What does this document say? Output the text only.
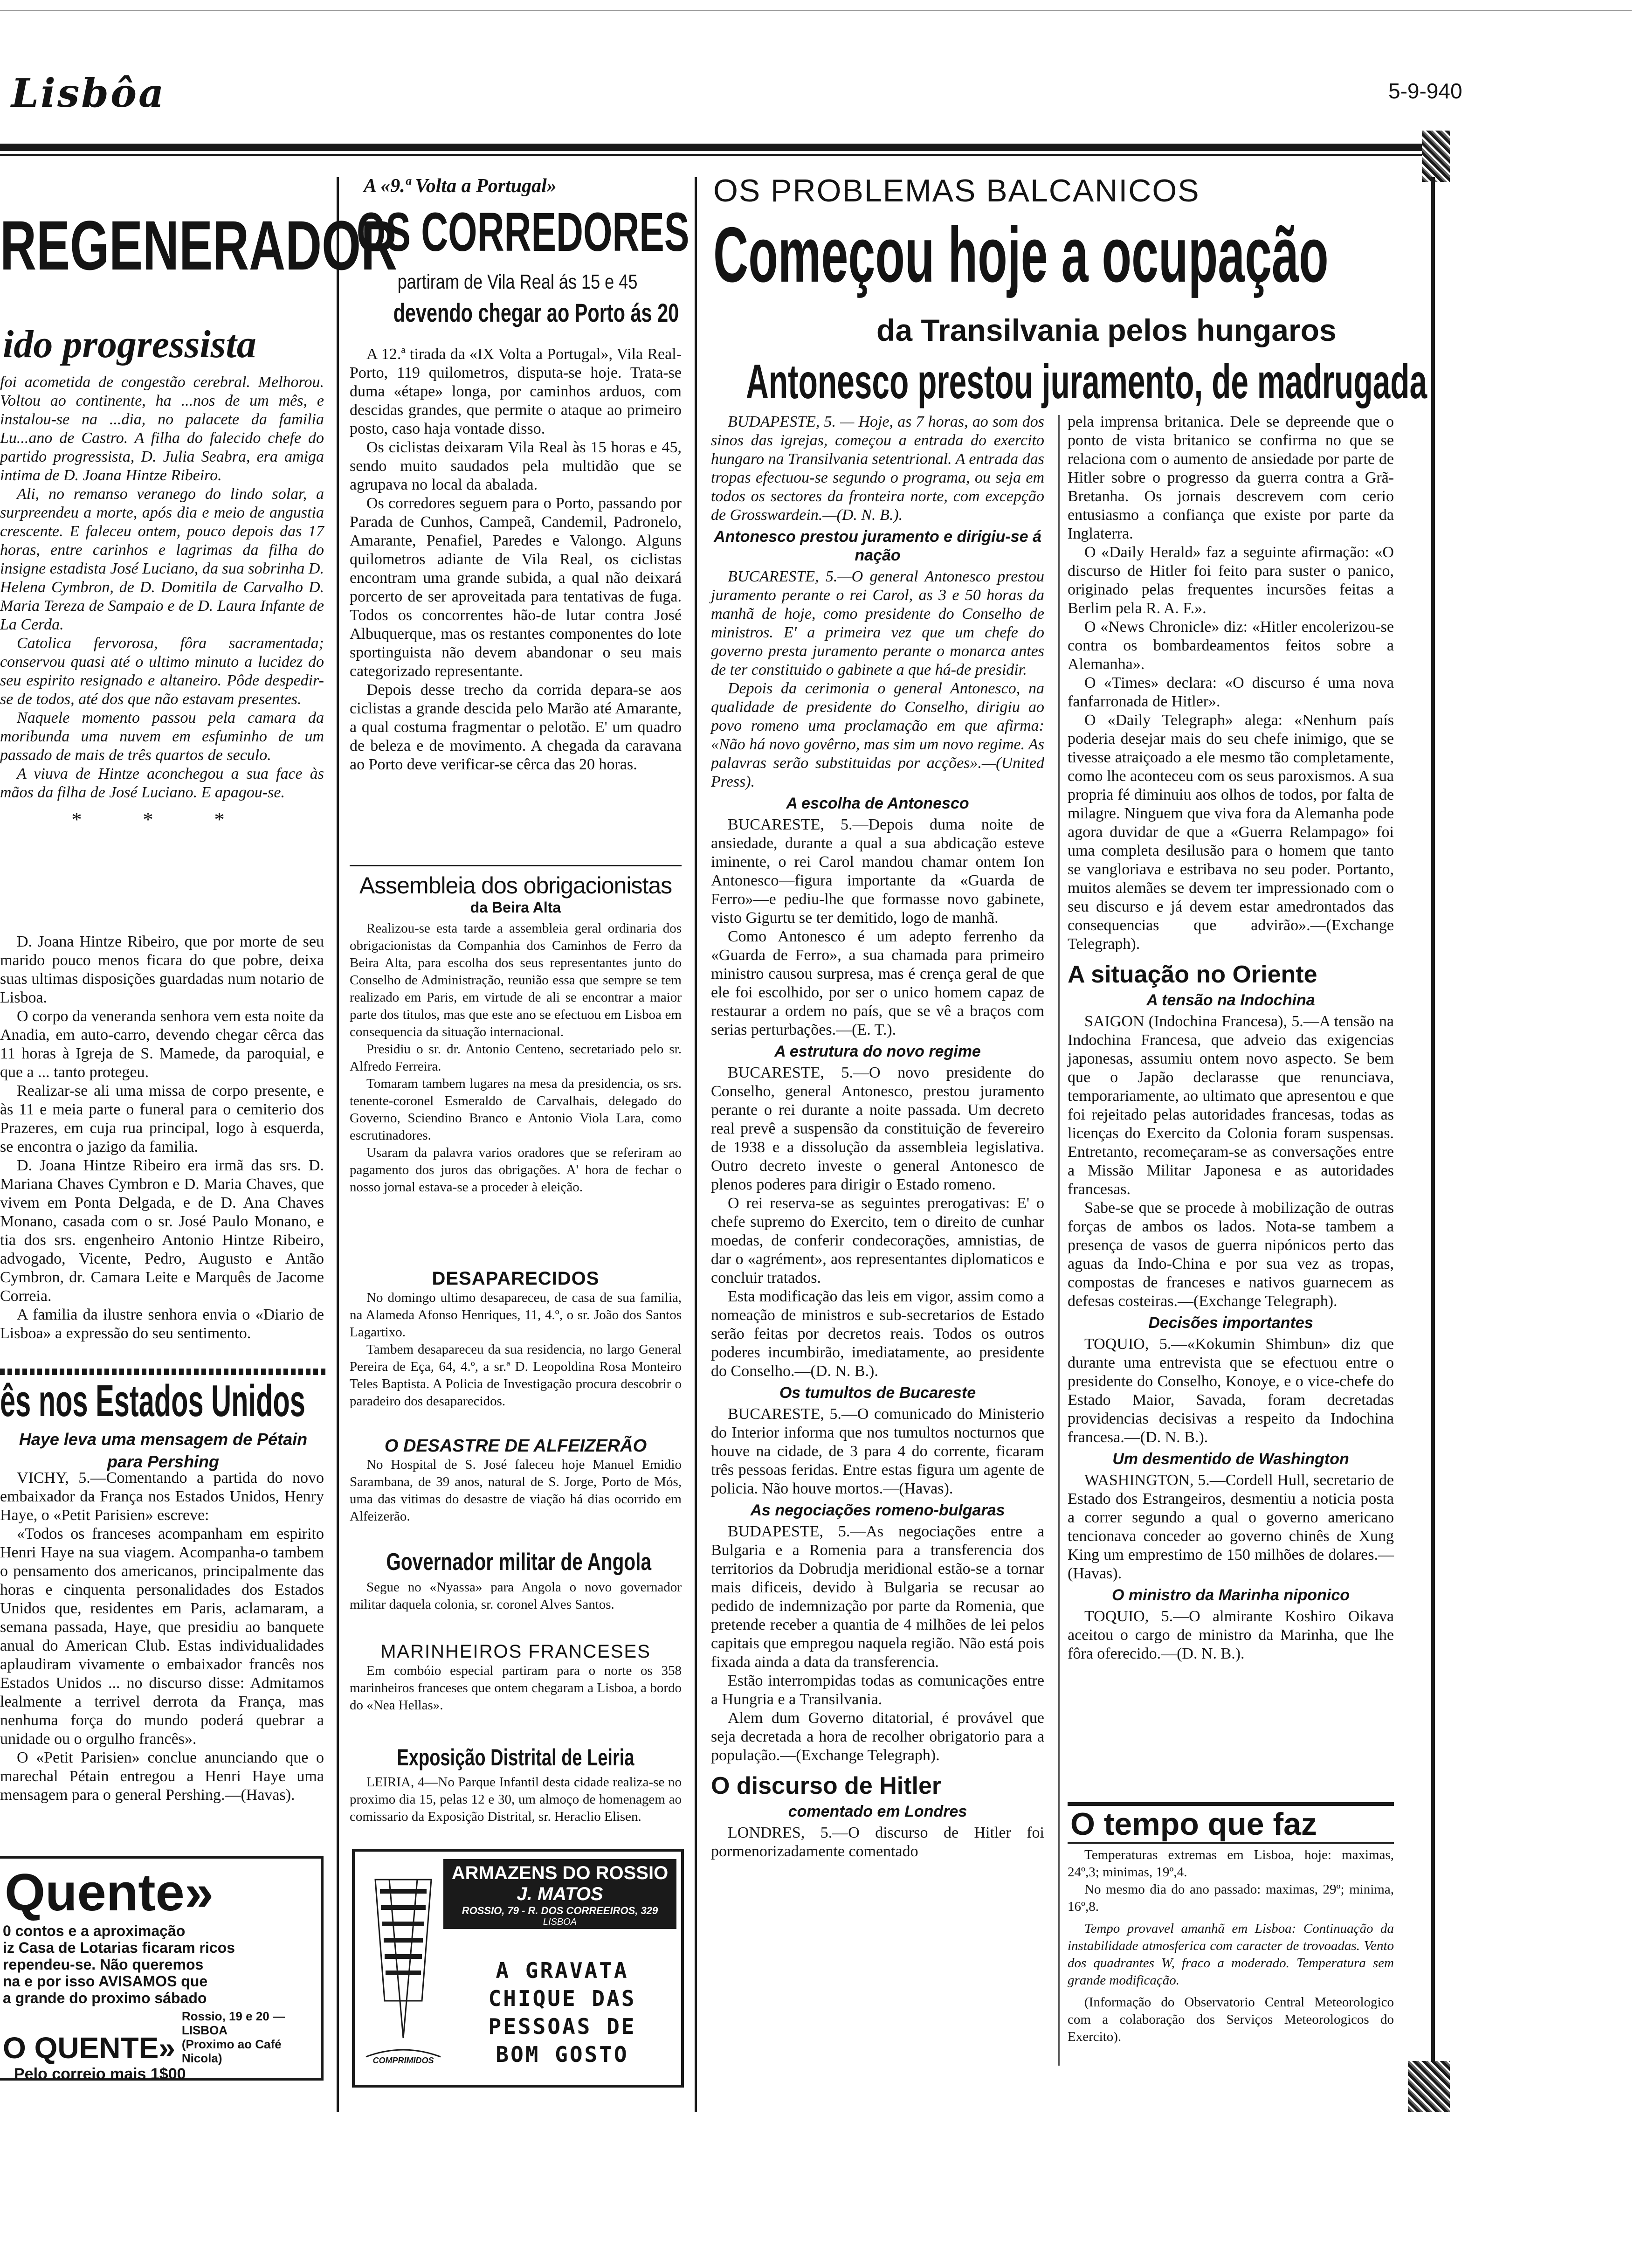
Lisbôa	5-9-940
REGENERADOR
ido progressista

foi acometida de congestão cerebral. Melhorou. Voltou ao continente, ha ...nos de um mês, e instalou-se na ...dia, no palacete da familia Lu...ano de Castro. A filha do falecido chefe do partido progressista, D. Julia Seabra, era amiga intima de D. Joana Hintze Ribeiro.

Ali, no remanso veranego do lindo solar, a surpreendeu a morte, após dia e meio de angustia crescente. E faleceu ontem, pouco depois das 17 horas, entre carinhos e lagrimas da filha do insigne estadista José Luciano, da sua sobrinha D. Helena Cymbron, de D. Domitila de Carvalho D. Maria Tereza de Sampaio e de D. Laura Infante de La Cerda.

Catolica fervorosa, fôra sacramentada; conservou quasi até o ultimo minuto a lucidez do seu espirito resignado e altaneiro. Pôde despedir-se de todos, até dos que não estavam presentes.

Naquele momento passou pela camara da moribunda uma nuvem em esfuminho de um passado de mais de três quartos de seculo.

A viuva de Hintze aconchegou a sua face às mãos da filha de José Luciano. E apagou-se.

* * *

D. Joana Hintze Ribeiro, que por morte de seu marido pouco menos ficara do que pobre, deixa suas ultimas disposições guardadas num notario de Lisboa.

O corpo da veneranda senhora vem esta noite da Anadia, em auto-carro, devendo chegar cêrca das 11 horas à Igreja de S. Mamede, da paroquial, e que a ... tanto protegeu.

Realizar-se ali uma missa de corpo presente, e às 11 e meia parte o funeral para o cemiterio dos Prazeres, em cuja rua principal, logo à esquerda, se encontra o jazigo da familia.

D. Joana Hintze Ribeiro era irmã das srs. D. Mariana Chaves Cymbron e D. Maria Chaves, que vivem em Ponta Delgada, e de D. Ana Chaves Monano, casada com o sr. José Paulo Monano, e tia dos srs. engenheiro Antonio Hintze Ribeiro, advogado, Vicente, Pedro, Augusto e Antão Cymbron, dr. Camara Leite e Marquês de Jacome Correia.

A familia da ilustre senhora envia o «Diario de Lisboa» a expressão do seu sentimento.

ês nos Estados Unidos
Haye leva uma mensagem de Pétain
para Pershing

VICHY, 5.—Comentando a partida do novo embaixador da França nos Estados Unidos, Henry Haye, o «Petit Parisien» escreve:

«Todos os franceses acompanham em espirito Henri Haye na sua viagem. Acompanha-o tambem o pensamento dos americanos, principalmente das horas e cinquenta personalidades dos Estados Unidos que, residentes em Paris, aclamaram, a semana passada, Haye, que presidiu ao banquete anual do American Club. Estas individualidades aplaudiram vivamente o embaixador francês nos Estados Unidos ... no discurso disse: Admitamos lealmente a terrivel derrota da França, mas nenhuma força do mundo poderá quebrar a unidade ou o orgulho francês».

O «Petit Parisien» conclue anunciando que o marechal Pétain entregou a Henri Haye uma mensagem para o general Pershing.—(Havas).

Quente»
0 contos e a aproximação
iz Casa de Lotarias ficaram ricos
rependeu-se. Não queremos
na e por isso AVISAMOS que
a grande do proximo sábado
O QUENTE»
Rossio, 19 e 20 — LISBOA
(Proximo ao Café Nicola)
Pelo correio mais 1$00
A «9.ª Volta a Portugal»
OS CORREDORES
partiram de Vila Real ás 15 e 45
devendo chegar ao Porto ás 20

A 12.ª tirada da «IX Volta a Portugal», Vila Real-Porto, 119 quilometros, disputa-se hoje. Trata-se duma «étape» longa, por caminhos arduos, com descidas grandes, que permite o ataque ao primeiro posto, caso haja vontade disso.

Os ciclistas deixaram Vila Real às 15 horas e 45, sendo muito saudados pela multidão que se agrupava no local da abalada.

Os corredores seguem para o Porto, passando por Parada de Cunhos, Campeã, Candemil, Padronelo, Amarante, Penafiel, Paredes e Valongo. Alguns quilometros adiante de Vila Real, os ciclistas encontram uma grande subida, a qual não deixará porcerto de ser aproveitada para tentativas de fuga. Todos os concorrentes hão-de lutar contra José Albuquerque, mas os restantes componentes do lote sportinguista não devem abandonar o seu mais categorizado representante.

Depois desse trecho da corrida depara-se aos ciclistas a grande descida pelo Marão até Amarante, a qual costuma fragmentar o pelotão. E' um quadro de beleza e de movimento. A chegada da caravana ao Porto deve verificar-se cêrca das 20 horas.

Assembleia dos obrigacionistas
da Beira Alta

Realizou-se esta tarde a assembleia geral ordinaria dos obrigacionistas da Companhia dos Caminhos de Ferro da Beira Alta, para escolha dos seus representantes junto do Conselho de Administração, reunião essa que sempre se tem realizado em Paris, em virtude de ali se encontrar a maior parte dos titulos, mas que este ano se efectuou em Lisboa em consequencia da situação internacional.

Presidiu o sr. dr. Antonio Centeno, secretariado pelo sr. Alfredo Ferreira.

Tomaram tambem lugares na mesa da presidencia, os srs. tenente-coronel Esmeraldo de Carvalhais, delegado do Governo, Sciendino Branco e Antonio Viola Lara, como escrutinadores.

Usaram da palavra varios oradores que se referiram ao pagamento dos juros das obrigações. A' hora de fechar o nosso jornal estava-se a proceder à eleição.

DESAPARECIDOS

No domingo ultimo desapareceu, de casa de sua familia, na Alameda Afonso Henriques, 11, 4.º, o sr. João dos Santos Lagartixo.

Tambem desapareceu da sua residencia, no largo General Pereira de Eça, 64, 4.º, a sr.ª D. Leopoldina Rosa Monteiro Teles Baptista. A Policia de Investigação procura descobrir o paradeiro dos desaparecidos.

O DESASTRE DE ALFEIZERÃO

No Hospital de S. José faleceu hoje Manuel Emidio Sarambana, de 39 anos, natural de S. Jorge, Porto de Mós, uma das vitimas do desastre de viação há dias ocorrido em Alfeizerão.

Governador militar de Angola

Segue no «Nyassa» para Angola o novo governador militar daquela colonia, sr. coronel Alves Santos.

MARINHEIROS FRANCESES

Em combóio especial partiram para o norte os 358 marinheiros franceses que ontem chegaram a Lisboa, a bordo do «Nea Hellas».

Exposição Distrital de Leiria

LEIRIA, 4—No Parque Infantil desta cidade realiza-se no proximo dia 15, pelas 12 e 30, um almoço de homenagem ao comissario da Exposição Distrital, sr. Heraclio Elisen.

COMPRIMIDOS
ARMAZENS DO ROSSIO
J. MATOS
ROSSIO, 79 - R. DOS CORREEIROS, 329
LISBOA
A GRAVATA
CHIQUE DAS
PESSOAS DE
BOM GOSTO
OS PROBLEMAS BALCANICOS
Começou hoje a ocupação
da Transilvania pelos hungaros
Antonesco prestou juramento, de madrugada

BUDAPESTE, 5. — Hoje, as 7 horas, ao som dos sinos das igrejas, começou a entrada do exercito hungaro na Transilvania setentrional. A entrada das tropas efectuou-se segundo o programa, ou seja em todos os sectores da fronteira norte, com excepção de Grosswardein.—(D. N. B.).

Antonesco prestou juramento e dirigiu-se á nação

BUCARESTE, 5.—O general Antonesco prestou juramento perante o rei Carol, as 3 e 50 horas da manhã de hoje, como presidente do Conselho de ministros. E' a primeira vez que um chefe do governo presta juramento perante o monarca antes de ter constituido o gabinete a que há-de presidir.

Depois da cerimonia o general Antonesco, na qualidade de presidente do Conselho, dirigiu ao povo romeno uma proclamação em que afirma: «Não há novo govêrno, mas sim um novo regime. As palavras serão substituidas por acções».—(United Press).

A escolha de Antonesco

BUCARESTE, 5.—Depois duma noite de ansiedade, durante a qual a sua abdicação esteve iminente, o rei Carol mandou chamar ontem Ion Antonesco—figura importante da «Guarda de Ferro»—e pediu-lhe que formasse novo gabinete, visto Gigurtu se ter demitido, logo de manhã.

Como Antonesco é um adepto ferrenho da «Guarda de Ferro», a sua chamada para primeiro ministro causou surpresa, mas é crença geral de que ele foi escolhido, por ser o unico homem capaz de restaurar a ordem no país, que se vê a braços com serias perturbações.—(E. T.).

A estrutura do novo regime

BUCARESTE, 5.—O novo presidente do Conselho, general Antonesco, prestou juramento perante o rei durante a noite passada. Um decreto real prevê a suspensão da constituição de fevereiro de 1938 e a dissolução da assembleia legislativa. Outro decreto investe o general Antonesco de plenos poderes para dirigir o Estado romeno.

O rei reserva-se as seguintes prerogativas: E' o chefe supremo do Exercito, tem o direito de cunhar moedas, de conferir condecorações, amnistias, de dar o «agrément», aos representantes diplomaticos e concluir tratados.

Esta modificação das leis em vigor, assim como a nomeação de ministros e sub-secretarios de Estado serão feitas por decretos reais. Todos os outros poderes incumbirão, imediatamente, ao presidente do Conselho.—(D. N. B.).

Os tumultos de Bucareste

BUCARESTE, 5.—O comunicado do Ministerio do Interior informa que nos tumultos nocturnos que houve na cidade, de 3 para 4 do corrente, ficaram três pessoas feridas. Entre estas figura um agente de policia. Não houve mortos.—(Havas).

As negociações romeno-bulgaras

BUDAPESTE, 5.—As negociações entre a Bulgaria e a Romenia para a transferencia dos territorios da Dobrudja meridional estão-se a tornar mais dificeis, devido à Bulgaria se recusar ao pedido de indemnização por parte da Romenia, que pretende receber a quantia de 4 milhões de lei pelos capitais que empregou naquela região. Não está pois fixada ainda a data da transferencia.

Estão interrompidas todas as comunicações entre a Hungria e a Transilvania.

Alem dum Governo ditatorial, é provável que seja decretada a hora de recolher obrigatorio para a população.—(Exchange Telegraph).

O discurso de Hitler
comentado em Londres

LONDRES, 5.—O discurso de Hitler foi pormenorizadamente comentado

pela imprensa britanica. Dele se depreende que o ponto de vista britanico se confirma no que se relaciona com o aumento de ansiedade por parte de Hitler sobre o progresso da guerra contra a Grã-Bretanha. Os jornais descrevem com cerio entusiasmo a confiança que existe por parte da Inglaterra.

O «Daily Herald» faz a seguinte afirmação: «O discurso de Hitler foi feito para suster o panico, originado pelas frequentes incursões feitas a Berlim pela R. A. F.».

O «News Chronicle» diz: «Hitler encolerizou-se contra os bombardeamentos feitos sobre a Alemanha».

O «Times» declara: «O discurso é uma nova fanfarronada de Hitler».

O «Daily Telegraph» alega: «Nenhum país poderia desejar mais do seu chefe inimigo, que se tivesse atraiçoado a ele mesmo tão completamente, como lhe aconteceu com os seus paroxismos. A sua propria fé diminuiu aos olhos de todos, por falta de milagre. Ninguem que viva fora da Alemanha pode agora duvidar de que a «Guerra Relampago» foi uma completa desilusão para o homem que tanto se vangloriava e estribava no seu poder. Portanto, muitos alemães se devem ter impressionado com o seu discurso e já devem estar amedrontados das consequencias que advirão».—(Exchange Telegraph).

A situação no Oriente
A tensão na Indochina

SAIGON (Indochina Francesa), 5.—A tensão na Indochina Francesa, que adveio das exigencias japonesas, assumiu ontem novo aspecto. Se bem que o Japão declarasse que renunciava, temporariamente, ao ultimato que apresentou e que foi rejeitado pelas autoridades francesas, todas as licenças do Exercito da Colonia foram suspensas. Entretanto, recomeçaram-se as conversações entre a Missão Militar Japonesa e as autoridades francesas.

Sabe-se que se procede à mobilização de outras forças de ambos os lados. Nota-se tambem a presença de vasos de guerra nipónicos perto das aguas da Indo-China e por sua vez as tropas, compostas de franceses e nativos guarnecem as defesas costeiras.—(Exchange Telegraph).

Decisões importantes

TOQUIO, 5.—«Kokumin Shimbun» diz que durante uma entrevista que se efectuou entre o presidente do Conselho, Konoye, e o vice-chefe do Estado Maior, Savada, foram decretadas providencias decisivas a respeito da Indochina francesa.—(D. N. B.).

Um desmentido de Washington

WASHINGTON, 5.—Cordell Hull, secretario de Estado dos Estrangeiros, desmentiu a noticia posta a correr segundo a qual o governo americano tencionava conceder ao governo chinês de Xung King um emprestimo de 150 milhões de dolares.—(Havas).

O ministro da Marinha niponico

TOQUIO, 5.—O almirante Koshiro Oikava aceitou o cargo de ministro da Marinha, que lhe fôra oferecido.—(D. N. B.).

O tempo que faz

Temperaturas extremas em Lisboa, hoje: maximas, 24º,3; minimas, 19º,4.

No mesmo dia do ano passado: maximas, 29º; minima, 16º,8.

Tempo provavel amanhã em Lisboa: Continuação da instabilidade atmosferica com caracter de trovoadas. Vento dos quadrantes W, fraco a moderado. Temperatura sem grande modificação.

(Informação do Observatorio Central Meteorologico com a colaboração dos Serviços Meteorologicos do Exercito).
